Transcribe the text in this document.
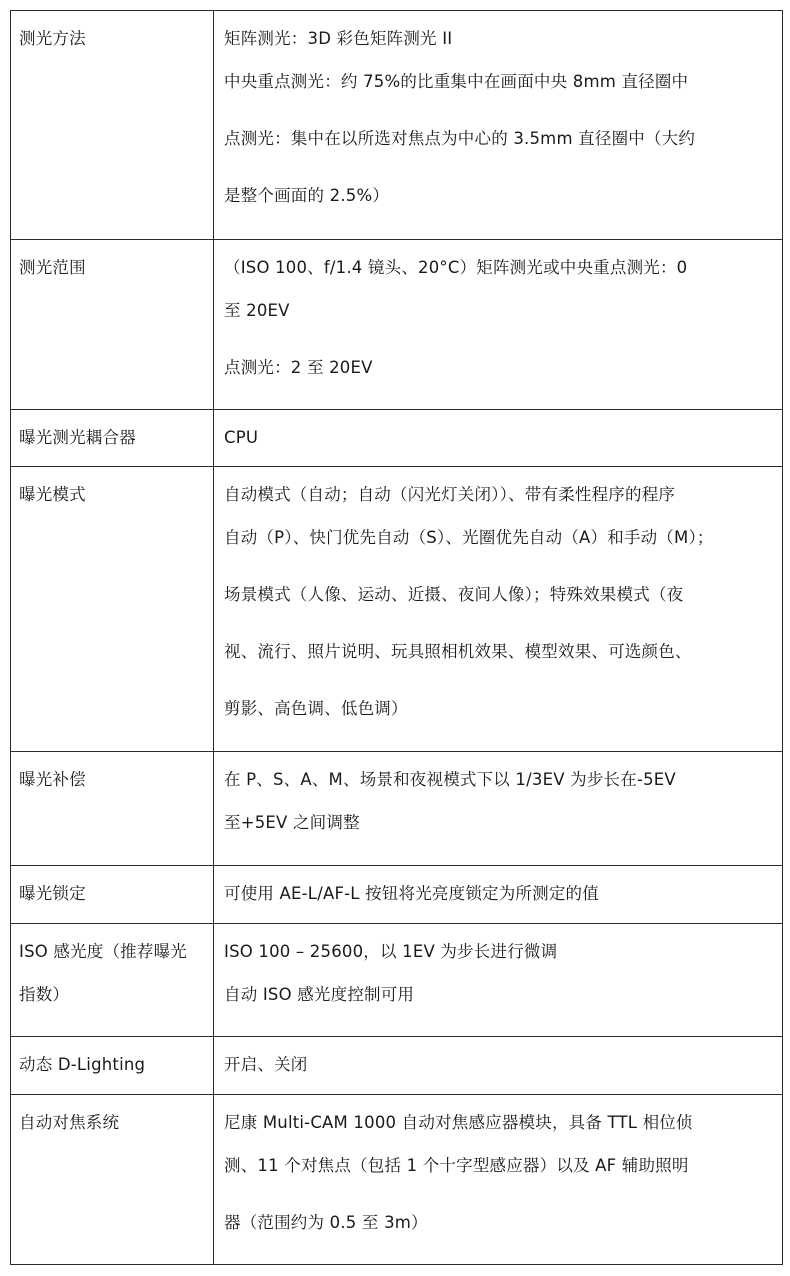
测光方法	矩阵测光：3D 彩色矩阵测光 II
中央重点测光：约 75%的比重集中在画面中央 8mm 直径圈中
点测光：集中在以所选对焦点为中心的 3.5mm 直径圈中（大约
是整个画面的 2.5%）

测光范围	（ISO 100、f/1.4 镜头、20°C）矩阵测光或中央重点测光：0
至 20EV
点测光：2 至 20EV

曝光测光耦合器	CPU

曝光模式	自动模式（自动；自动（闪光灯关闭））、带有柔性程序的程序
自动（P）、快门优先自动（S）、光圈优先自动（A）和手动（M）；
场景模式（人像、运动、近摄、夜间人像）；特殊效果模式（夜
视、流行、照片说明、玩具照相机效果、模型效果、可选颜色、
剪影、高色调、低色调）

曝光补偿	在 P、S、A、M、场景和夜视模式下以 1/3EV 为步长在-5EV
至+5EV 之间调整

曝光锁定	可使用 AE-L/AF-L 按钮将光亮度锁定为所测定的值

ISO 感光度（推荐曝光
指数）	ISO 100 – 25600，以 1EV 为步长进行微调
自动 ISO 感光度控制可用

动态 D-Lighting	开启、关闭

自动对焦系统	尼康 Multi-CAM 1000 自动对焦感应器模块，具备 TTL 相位侦
测、11 个对焦点（包括 1 个十字型感应器）以及 AF 辅助照明
器（范围约为 0.5 至 3m）
